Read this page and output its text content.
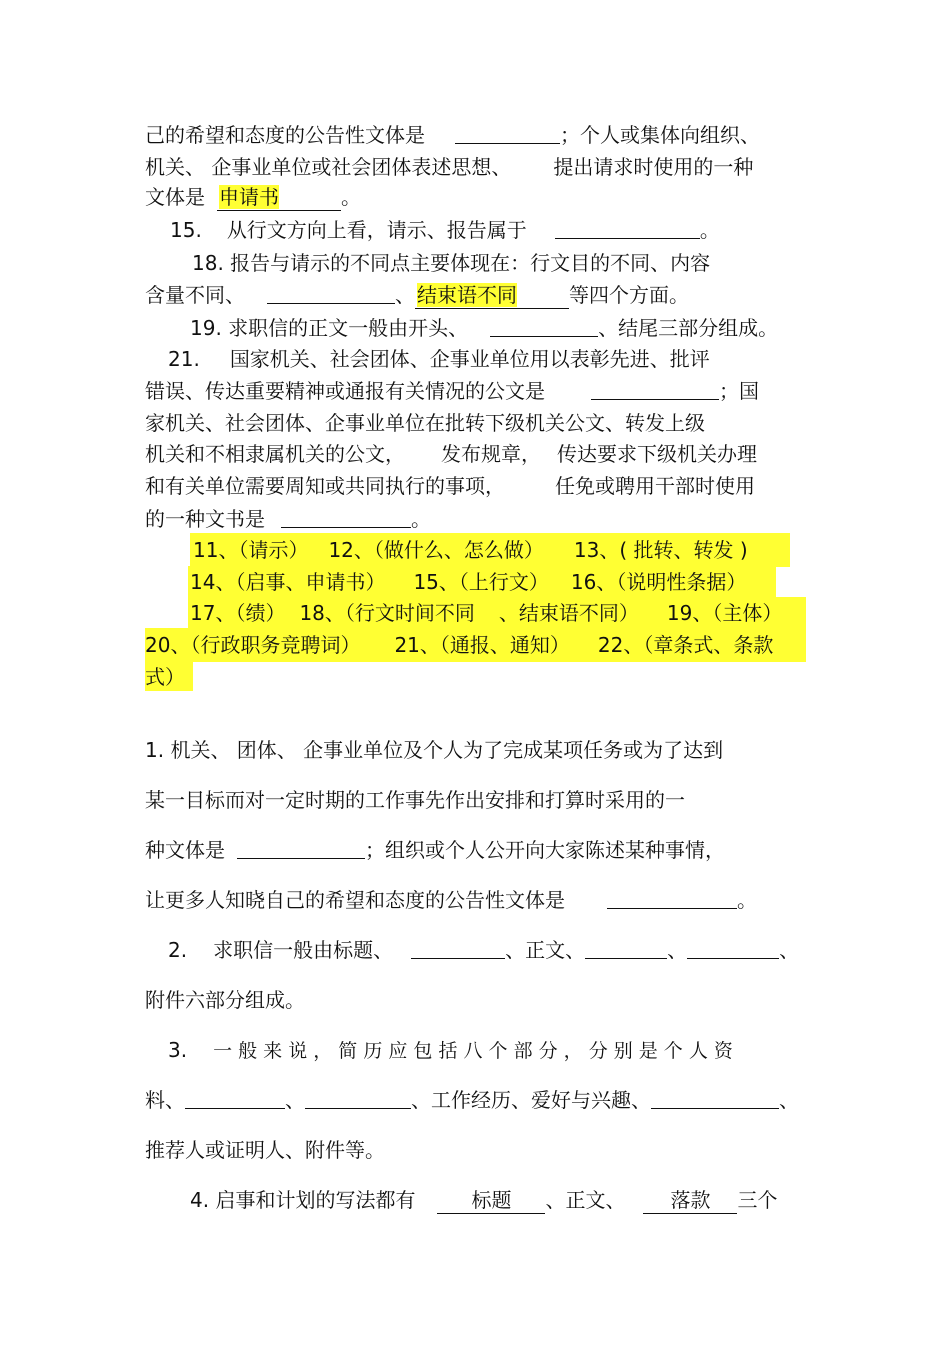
己的希望和态度的公告性文体是	；个人或集体向组织、
机关、 企事业单位或社会团体表述思想、 提出请求时使用的一种
文体是 申请书	。
15. 从行文方向上看，请示、报告属于	。
18. 报告与请示的不同点主要体现在：行文目的不同、内容
含量不同、	、 结束语不同	等四个方面。
19. 求职信的正文一般由开头、	、结尾三部分组成。
21. 国家机关、社会团体、企事业单位用以表彰先进、批评
错误、传达重要精神或通报有关情况的公文是	；国
家机关、社会团体、企事业单位在批转下级机关公文、转发上级
机关和不相隶属机关的公文， 发布规章， 传达要求下级机关办理
和有关单位需要周知或共同执行的事项，	任免或聘用干部时使用
的一种文书是	。
11、（请示） 12、（做什么、怎么做） 13、( 批转、转发 )
14、（启事、申请书） 15、（上行文） 16、（说明性条据）
17、（绩） 18、（行文时间不同 、结束语不同） 19、（主体）
20、（行政职务竞聘词） 21、（通报、通知） 22、（章条式、条款
式）
1. 机关、 团体、 企事业单位及个人为了完成某项任务或为了达到
某一目标而对一定时期的工作事先作出安排和打算时采用的一
种文体是	；组织或个人公开向大家陈述某种事情，
让更多人知晓自己的希望和态度的公告性文体是	。
2. 求职信一般由标题、	、正文、	、	、
附件六部分组成。
3. 一 般 来 说 ， 简 历 应 包 括 八 个 部 分 ， 分 别 是 个 人 资
料、	、	、工作经历、爱好与兴趣、	、
推荐人或证明人、附件等。
4. 启事和计划的写法都有	标题 、正文、 落款 三个
